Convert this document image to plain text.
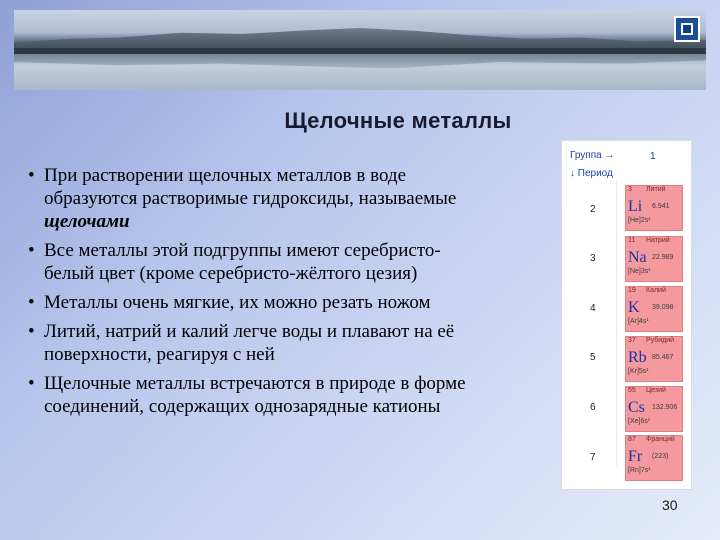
Щелочные металлы
• При растворении щелочных металлов в воде
образуются растворимые гидроксиды, называемые
щелочами
• Все металлы этой подгруппы имеют серебристо-
белый цвет (кроме серебристо-жёлтого цезия)
• Металлы очень мягкие, их можно резать ножом
• Литий, натрий и калий легче воды и плавают на её
поверхности, реагируя с ней
• Щелочные металлы встречаются в природе в форме
соединений, содержащих однозарядные катионы
Группа →	1
↓ Период
2
3 Литий
Li 6.941
[He]2s¹
3
11 Натрий
Na 22.989
[Ne]3s¹
4
19 Калий
K 39.098
[Ar]4s¹
5
37 Рубидий
Rb 85.467
[Kr]5s¹
6
55 Цезий
Cs 132.906
[Xe]6s¹
7
87 Франций
Fr (223)
[Rn]7s¹
30
